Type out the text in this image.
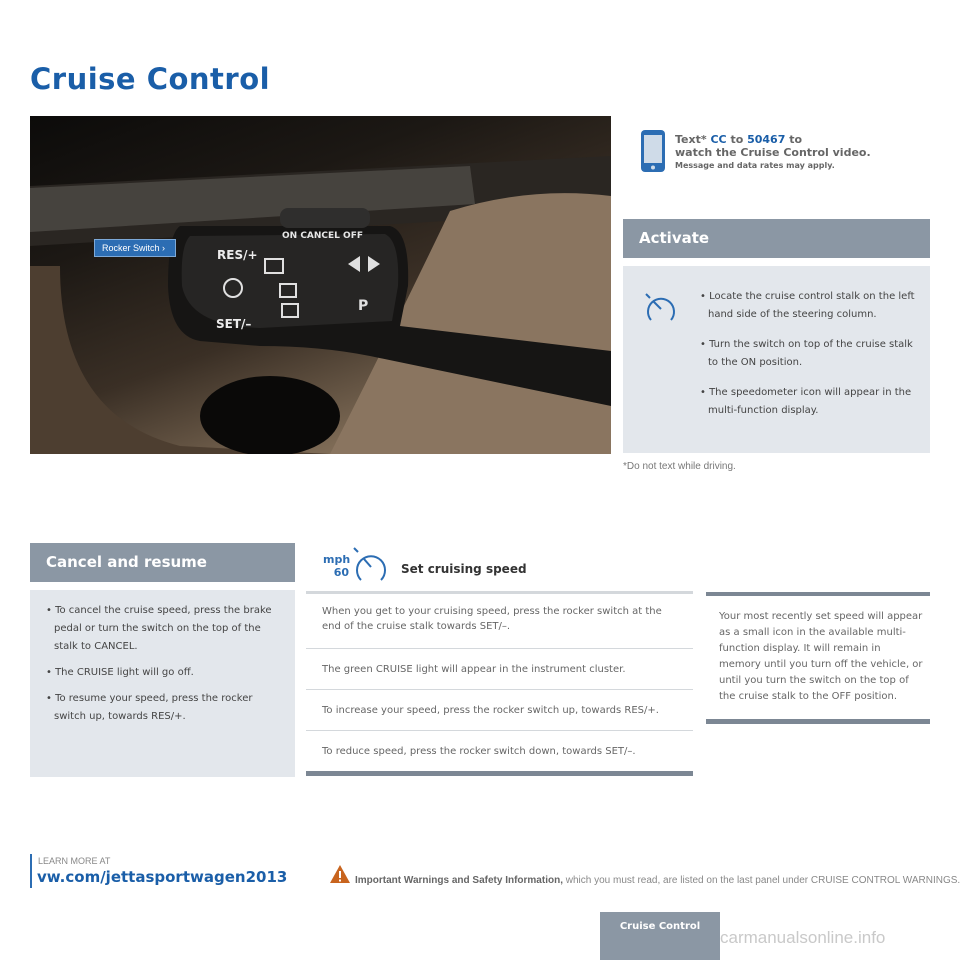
Cruise Control
ON CANCEL OFF
RES/+
SET/–
P
Rocker Switch ›
Text* CC to 50467 to
watch the Cruise Control video.
Message and data rates may apply.
Activate
• Locate the cruise control stalk on the left hand side of the steering column.
• Turn the switch on top of the cruise stalk to the ON position.
• The speedometer icon will appear in the multi-function display.
*Do not text while driving.
Cancel and resume
• To cancel the cruise speed, press the brake pedal or turn the switch on the top of the stalk to CANCEL.
• The CRUISE light will go off.
• To resume your speed, press the rocker switch up, towards RES/+.
mph
60	Set cruising speed
When you get to your cruising speed, press the rocker switch at the end of the cruise stalk towards SET/–.
The green CRUISE light will appear in the instrument cluster.
To increase your speed, press the rocker switch up, towards RES/+.
To reduce speed, press the rocker switch down, towards SET/–.

Your most recently set speed will appear as a small icon in the available multi-function display. It will remain in memory until you turn off the vehicle, or until you turn the switch on the top of the cruise stalk to the OFF position.

LEARN MORE AT
vw.com/jettasportwagen2013	Important Warnings and Safety Information, which you must read, are listed on the last panel under CRUISE CONTROL WARNINGS.
Cruise Control
carmanualsonline.info
